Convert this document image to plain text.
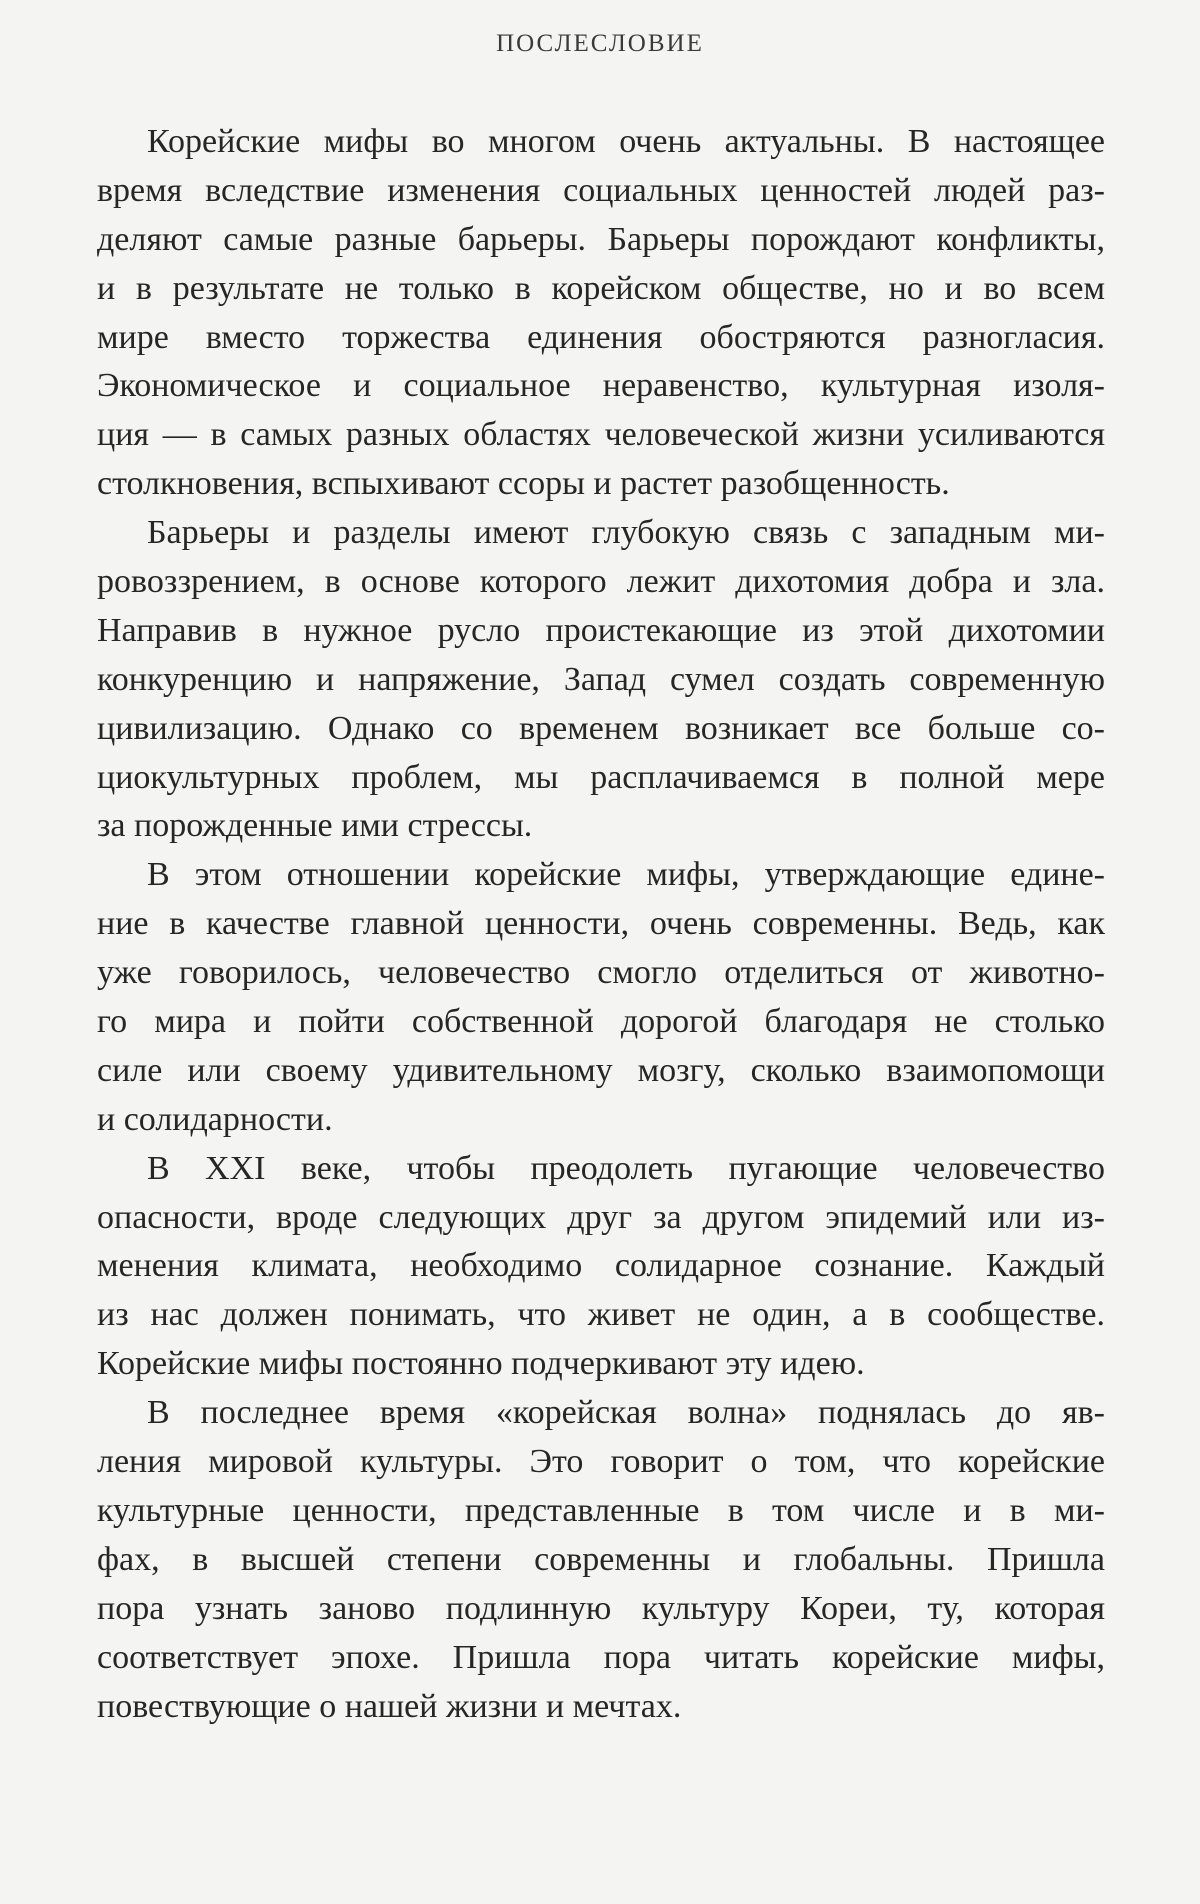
ПОСЛЕСЛОВИЕ

Корейские мифы во многом очень актуальны. В настоящее
время вследствие изменения социальных ценностей людей раз-
деляют самые разные барьеры. Барьеры порождают конфликты,
и в результате не только в корейском обществе, но и во всем
мире вместо торжества единения обостряются разногласия.
Экономическое и социальное неравенство, культурная изоля-
ция — в самых разных областях человеческой жизни усиливаются
столкновения, вспыхивают ссоры и растет разобщенность.

Барьеры и разделы имеют глубокую связь с западным ми-
ровоззрением, в основе которого лежит дихотомия добра и зла.
Направив в нужное русло проистекающие из этой дихотомии
конкуренцию и напряжение, Запад сумел создать современную
цивилизацию. Однако со временем возникает все больше со-
циокультурных проблем, мы расплачиваемся в полной мере
за порожденные ими стрессы.

В этом отношении корейские мифы, утверждающие едине-
ние в качестве главной ценности, очень современны. Ведь, как
уже говорилось, человечество смогло отделиться от животно-
го мира и пойти собственной дорогой благодаря не столько
силе или своему удивительному мозгу, сколько взаимопомощи
и солидарности.

В XXI веке, чтобы преодолеть пугающие человечество
опасности, вроде следующих друг за другом эпидемий или из-
менения климата, необходимо солидарное сознание. Каждый
из нас должен понимать, что живет не один, а в сообществе.
Корейские мифы постоянно подчеркивают эту идею.

В последнее время «корейская волна» поднялась до яв-
ления мировой культуры. Это говорит о том, что корейские
культурные ценности, представленные в том числе и в ми-
фах, в высшей степени современны и глобальны. Пришла
пора узнать заново подлинную культуру Кореи, ту, которая
соответствует эпохе. Пришла пора читать корейские мифы,
повествующие о нашей жизни и мечтах.
